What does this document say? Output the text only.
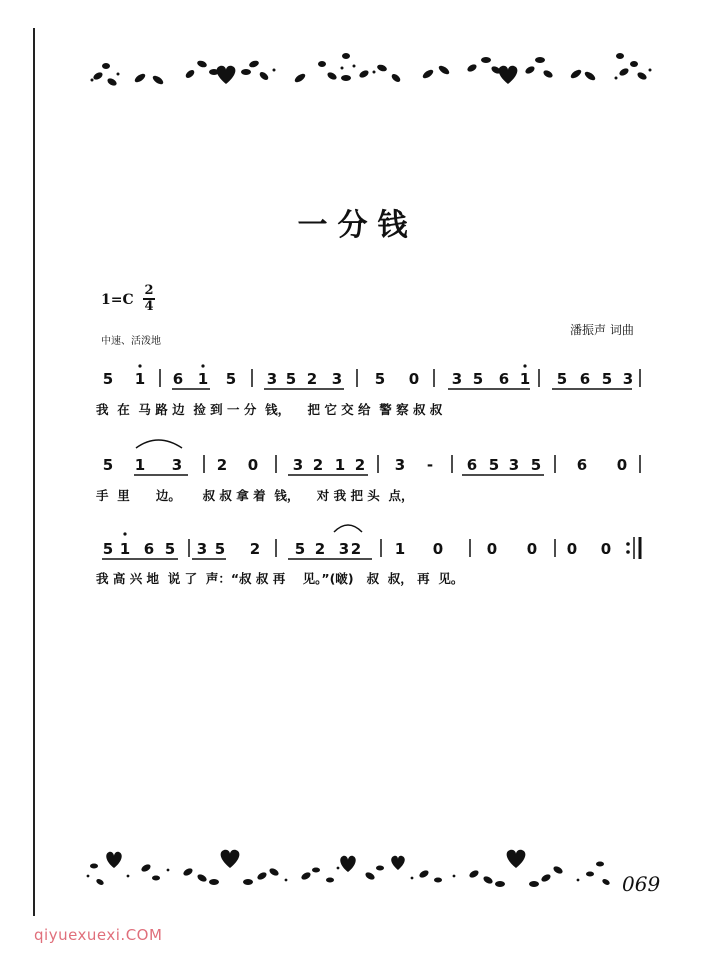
一分钱
1=C
2
4
中速、活泼地
潘振声 词曲
5 1 6 1 5 3 5 2 3 5 0 3 5 6 1 5 6 5 3
5 1 3 2 0 3 2 1 2 3 - 6 5 3 5 6 0
5 1 6 5 3 5 2 5 2 3 2 1 0	0 0 0 0
我  在  马 路 边  捡 到 一 分  钱，    把 它 交 给  警 察 叔 叔
手  里      边。     叔 叔 拿 着  钱，    对 我 把 头  点，
我 高 兴 地  说 了  声：“叔 叔 再    见。”(啵)   叔  叔， 再  见。
069
qiyuexuexi.COM
